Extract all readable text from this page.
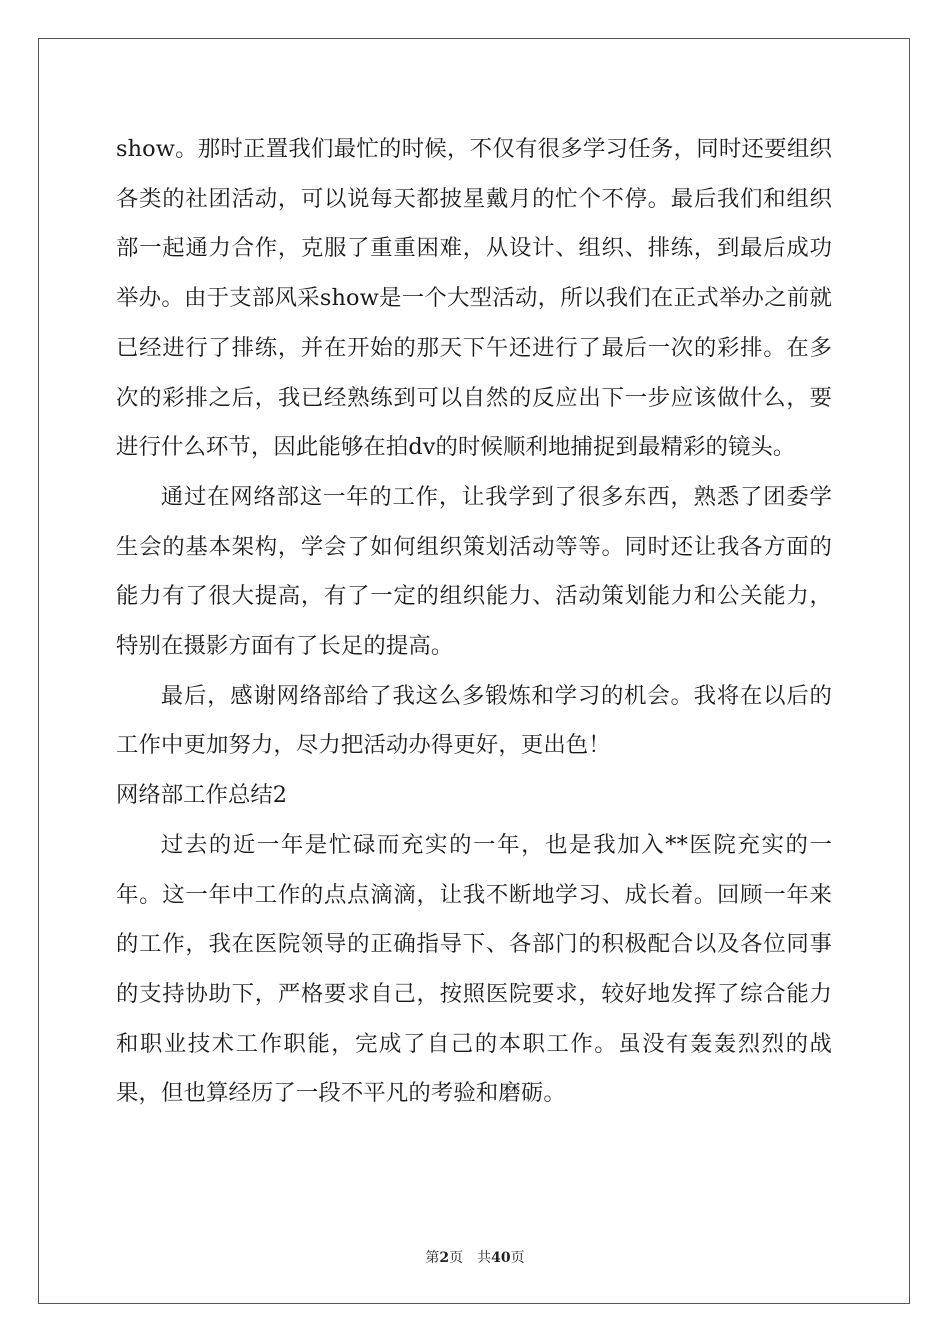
show。那时正置我们最忙的时候，不仅有很多学习任务，同时还要组织各类的社团活动，可以说每天都披星戴月的忙个不停。最后我们和组织部一起通力合作，克服了重重困难，从设计、组织、排练，到最后成功举办。由于支部风采show是一个大型活动，所以我们在正式举办之前就已经进行了排练，并在开始的那天下午还进行了最后一次的彩排。在多次的彩排之后，我已经熟练到可以自然的反应出下一步应该做什么，要进行什么环节，因此能够在拍dv的时候顺利地捕捉到最精彩的镜头。

通过在网络部这一年的工作，让我学到了很多东西，熟悉了团委学生会的基本架构，学会了如何组织策划活动等等。同时还让我各方面的能力有了很大提高，有了一定的组织能力、活动策划能力和公关能力，特别在摄影方面有了长足的提高。

最后，感谢网络部给了我这么多锻炼和学习的机会。我将在以后的工作中更加努力，尽力把活动办得更好，更出色！

网络部工作总结2

过去的近一年是忙碌而充实的一年，也是我加入**医院充实的一年。这一年中工作的点点滴滴，让我不断地学习、成长着。回顾一年来的工作，我在医院领导的正确指导下、各部门的积极配合以及各位同事的支持协助下，严格要求自己，按照医院要求，较好地发挥了综合能力和职业技术工作职能，完成了自己的本职工作。虽没有轰轰烈烈的战果，但也算经历了一段不平凡的考验和磨砺。

第2页 共40页
